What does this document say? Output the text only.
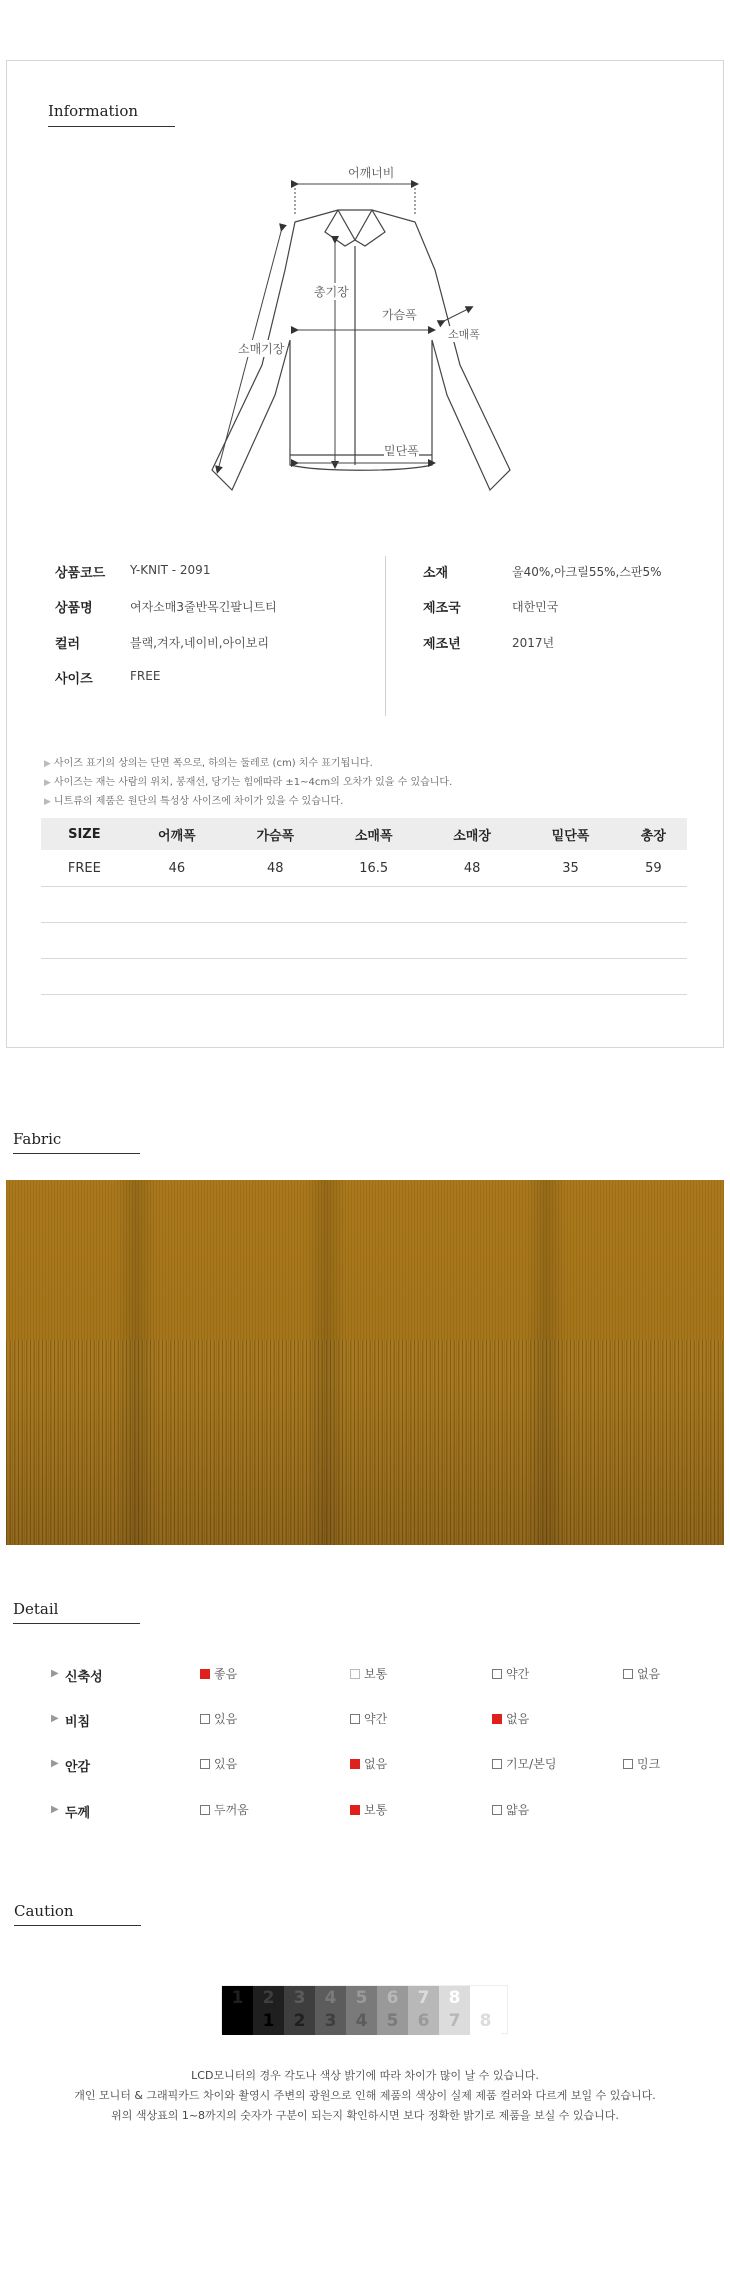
Information
어깨너비
총기장
가슴폭
소매폭
소매기장
밑단폭
상품코드 Y-KNIT - 2091
상품명	여자소매3줄반목긴팔니트티
컬러	블랙,겨자,네이비,아이보리
사이즈	FREE
소재	울40%,아크릴55%,스판5%
제조국	대한민국
제조년	2017년
▶ 사이즈 표기의 상의는 단면 폭으로, 하의는 둘레로 (cm) 치수 표기됩니다.
▶ 사이즈는 재는 사람의 위치, 봉재선, 당기는 힘에따라 ±1~4cm의 오차가 있을 수 있습니다.
▶ 니트류의 제품은 원단의 특성상 사이즈에 차이가 있을 수 있습니다.
SIZE	어깨폭	가슴폭	소매폭	소매장	밑단폭	총장
FREE	46	48	16.5	48	35	59

Fabric
Detail
▶ 신축성	좋음	보통	약간	없음
▶ 비침	있음	약간	없음
▶ 안감	있음	없음	기모/본딩	밍크
▶ 두께	두꺼움	보통	얇음
Caution
1	2	3	4	5	6	7	8
1	2	3	4	5	6	7	8
LCD모니터의 경우 각도나 색상 밝기에 따라 차이가 많이 날 수 있습니다.
개인 모니터 & 그래픽카드 차이와 촬영시 주변의 광원으로 인해 제품의 색상이 실제 제품 컬러와 다르게 보일 수 있습니다.
위의 색상표의 1~8까지의 숫자가 구분이 되는지 확인하시면 보다 정확한 밝기로 제품을 보실 수 있습니다.
